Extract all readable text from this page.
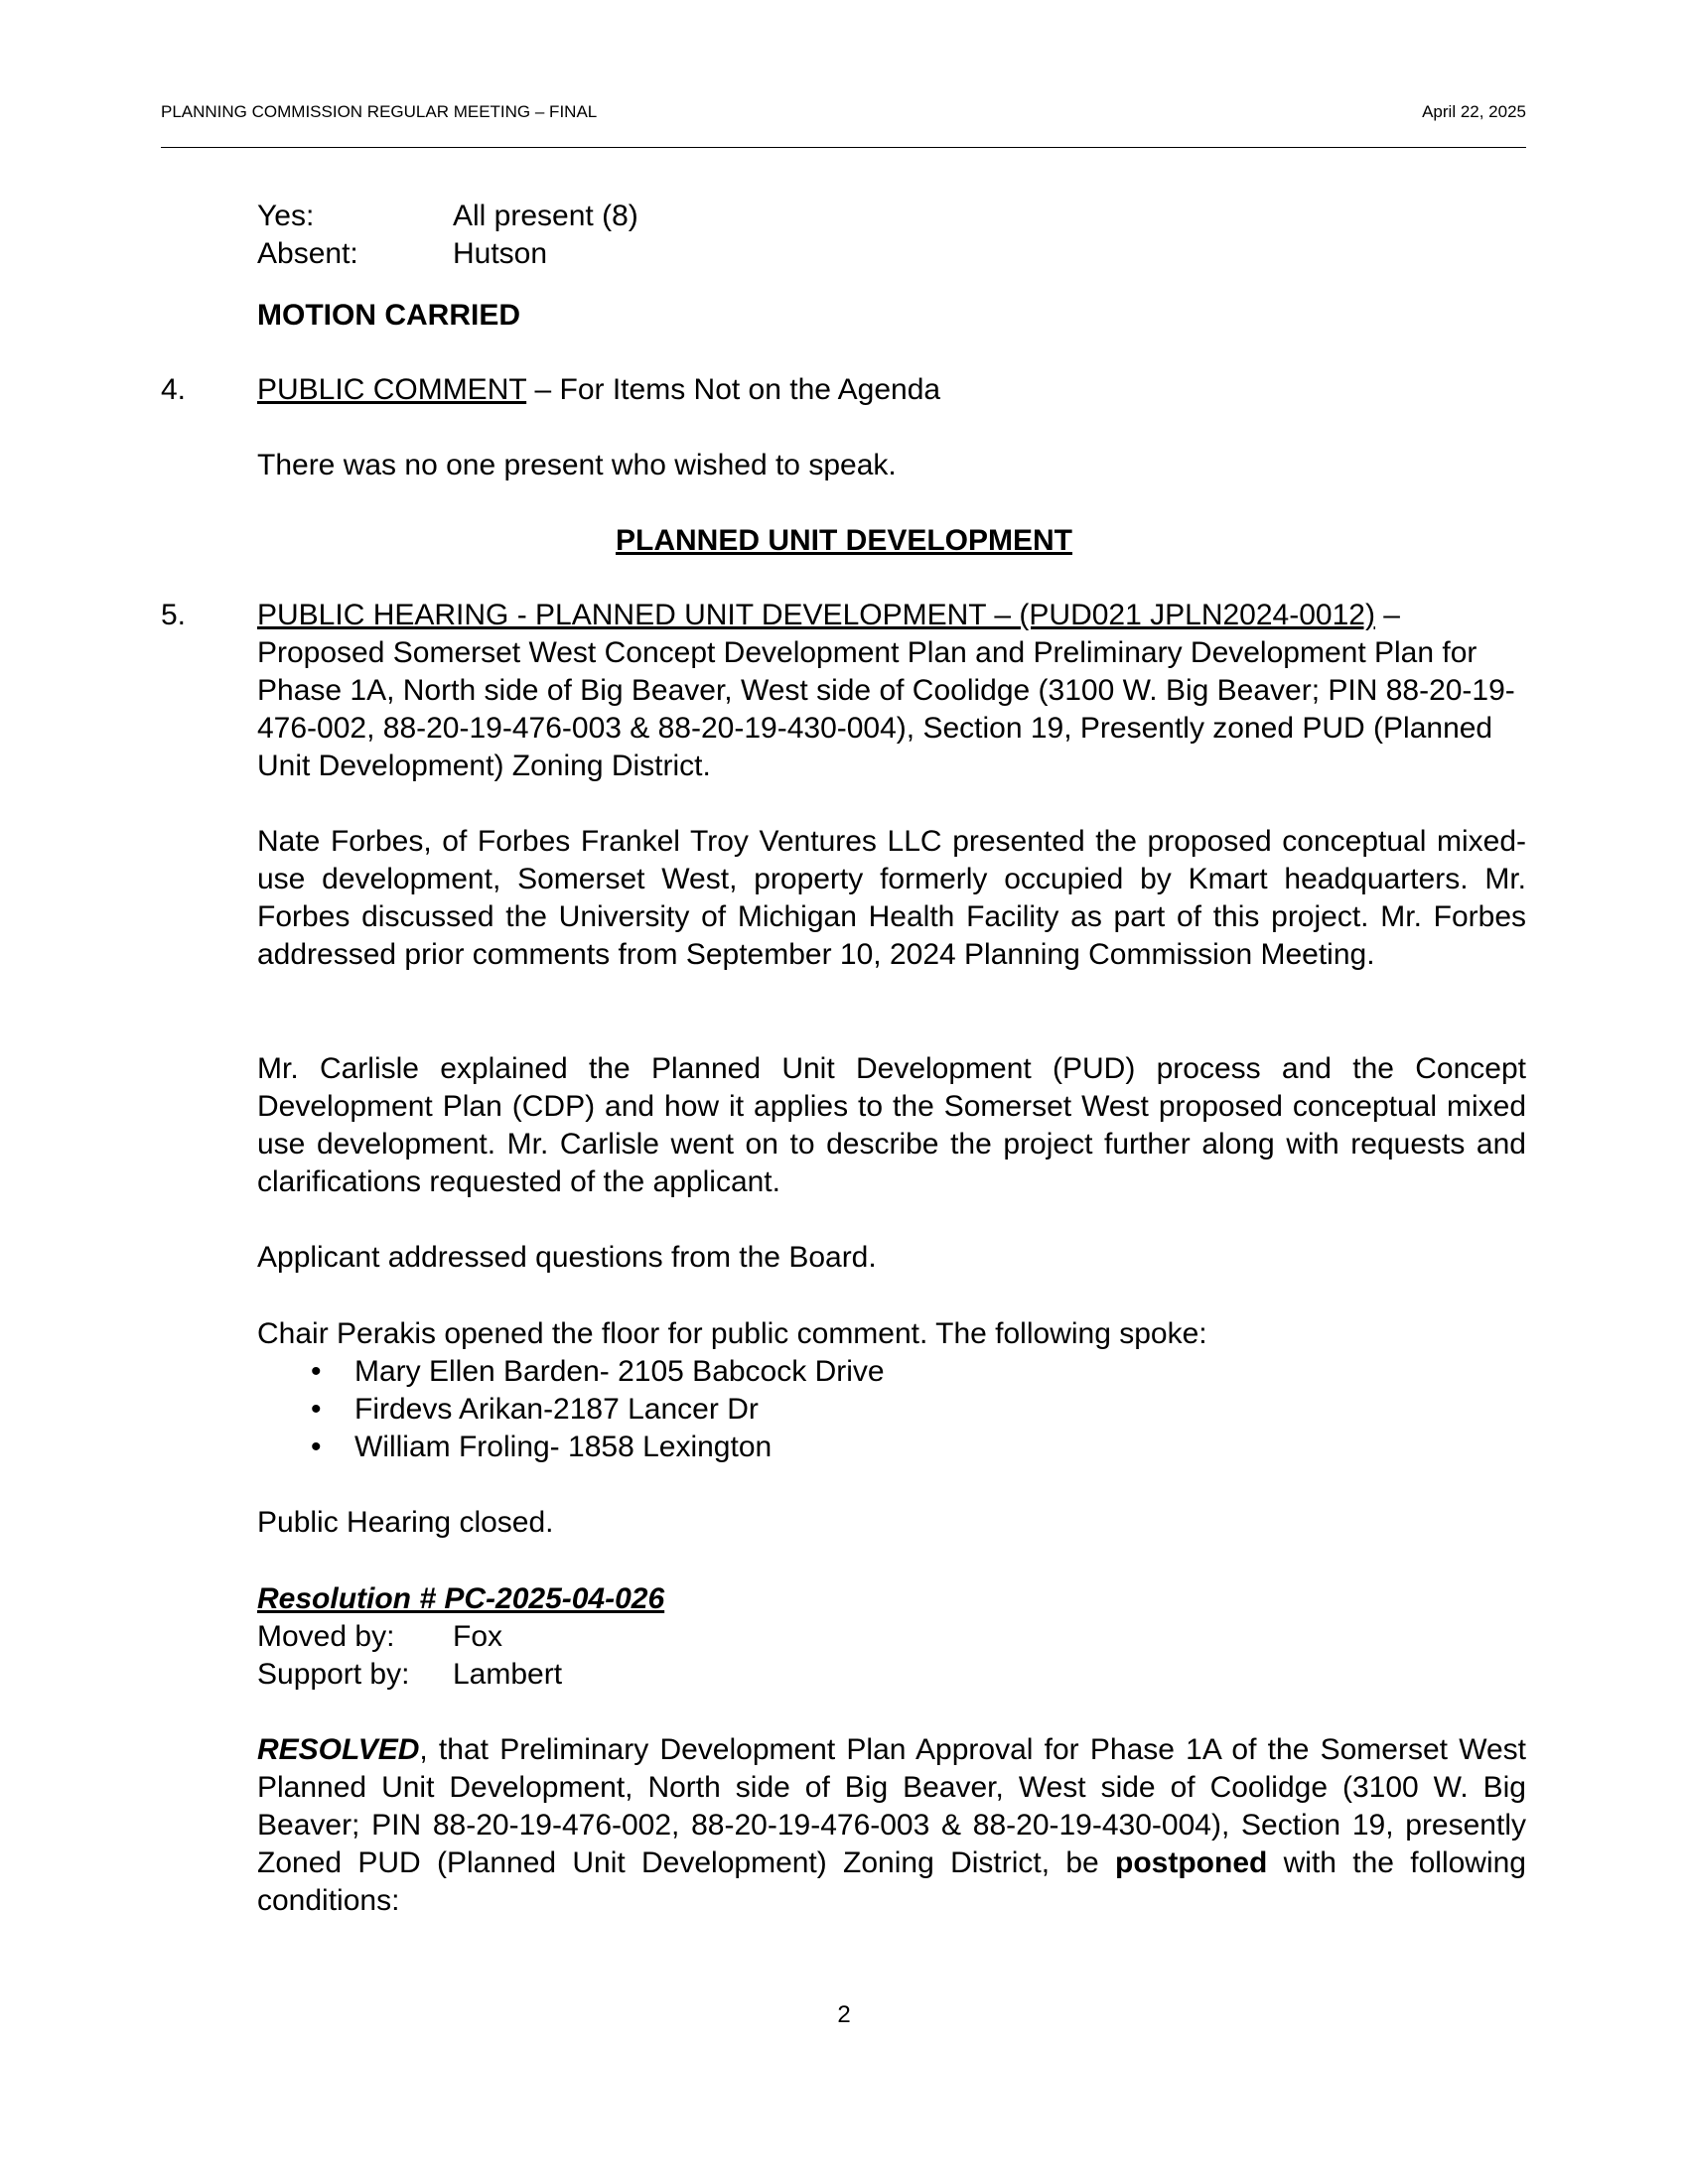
PLANNING COMMISSION REGULAR MEETING – FINAL	April 22, 2025
Yes:	All present (8)
Absent:	Hutson
MOTION CARRIED
4. PUBLIC COMMENT – For Items Not on the Agenda
There was no one present who wished to speak.
PLANNED UNIT DEVELOPMENT
5. PUBLIC HEARING - PLANNED UNIT DEVELOPMENT – (PUD021 JPLN2024-0012) –
Proposed Somerset West Concept Development Plan and Preliminary Development Plan for Phase 1A, North side of Big Beaver, West side of Coolidge (3100 W. Big Beaver; PIN 88-20-19-476-002, 88-20-19-476-003 & 88-20-19-430-004), Section 19, Presently zoned PUD (Planned Unit Development) Zoning District.
Nate Forbes, of Forbes Frankel Troy Ventures LLC presented the proposed conceptual mixed-use development, Somerset West, property formerly occupied by Kmart headquarters. Mr. Forbes discussed the University of Michigan Health Facility as part of this project. Mr. Forbes addressed prior comments from September 10, 2024 Planning Commission Meeting.
Mr. Carlisle explained the Planned Unit Development (PUD) process and the Concept Development Plan (CDP) and how it applies to the Somerset West proposed conceptual mixed use development. Mr. Carlisle went on to describe the project further along with requests and clarifications requested of the applicant.
Applicant addressed questions from the Board.
Chair Perakis opened the floor for public comment. The following spoke:
• Mary Ellen Barden- 2105 Babcock Drive
• Firdevs Arikan-2187 Lancer Dr
• William Froling- 1858 Lexington
Public Hearing closed.
Resolution # PC-2025-04-026
Moved by:	Fox
Support by:	Lambert
RESOLVED, that Preliminary Development Plan Approval for Phase 1A of the Somerset West Planned Unit Development, North side of Big Beaver, West side of Coolidge (3100 W. Big Beaver; PIN 88-20-19-476-002, 88-20-19-476-003 & 88-20-19-430-004), Section 19, presently Zoned PUD (Planned Unit Development) Zoning District, be postponed with the following conditions:
2
